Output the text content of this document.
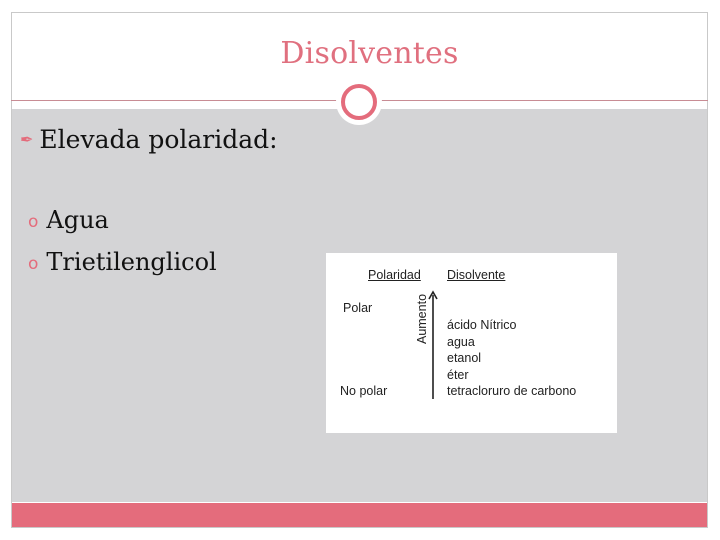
Disolventes
✒ Elevada polaridad:
o Agua
o Trietilenglicol	Polaridad Disolvente
Polar
No polar
Aumento ácido Nítrico
agua
etanol
éter
tetracloruro de carbono
